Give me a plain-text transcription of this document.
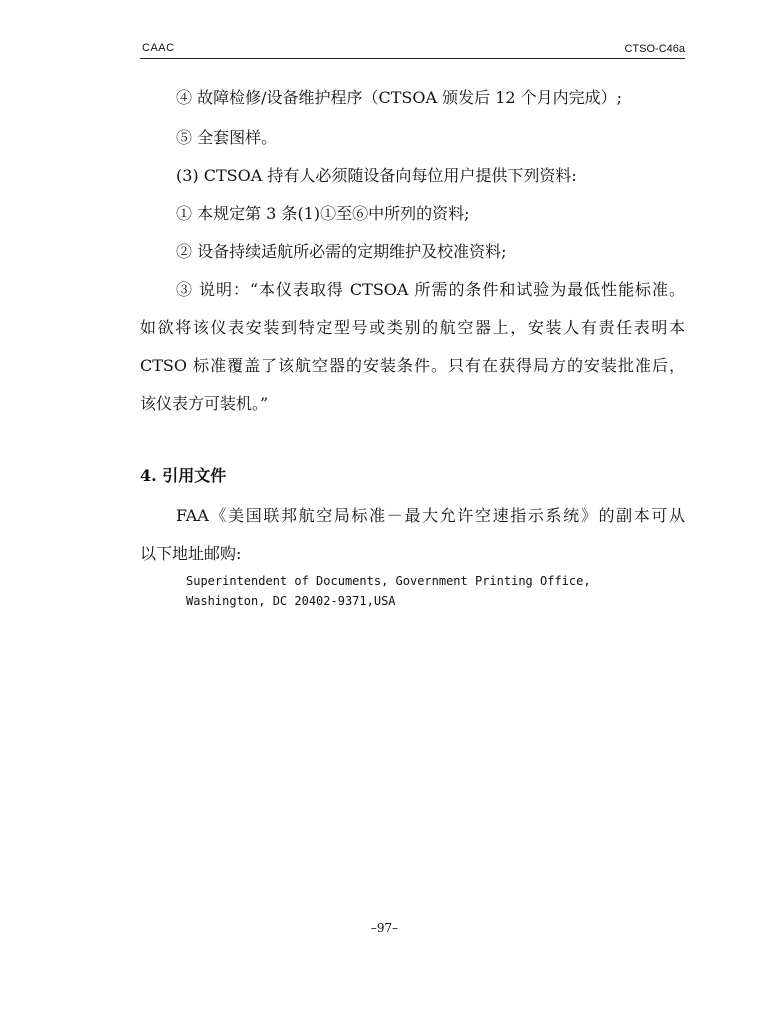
CAAC	CTSO-C46a
④ 故障检修/设备维护程序（CTSOA 颁发后 12 个月内完成）;
⑤ 全套图样。
(3) CTSOA 持有人必须随设备向每位用户提供下列资料:
① 本规定第 3 条(1)①至⑥中所列的资料;
② 设备持续适航所必需的定期维护及校准资料;
③ 说明：“本仪表取得 CTSOA 所需的条件和试验为最低性能标准。
如欲将该仪表安装到特定型号或类别的航空器上，安装人有责任表明本
CTSO 标准覆盖了该航空器的安装条件。只有在获得局方的安装批准后，
该仪表方可装机。”
4. 引用文件
FAA《美国联邦航空局标准－最大允许空速指示系统》的副本可从
以下地址邮购:
Superintendent of Documents, Government Printing Office,
Washington, DC 20402-9371,USA
–97–
